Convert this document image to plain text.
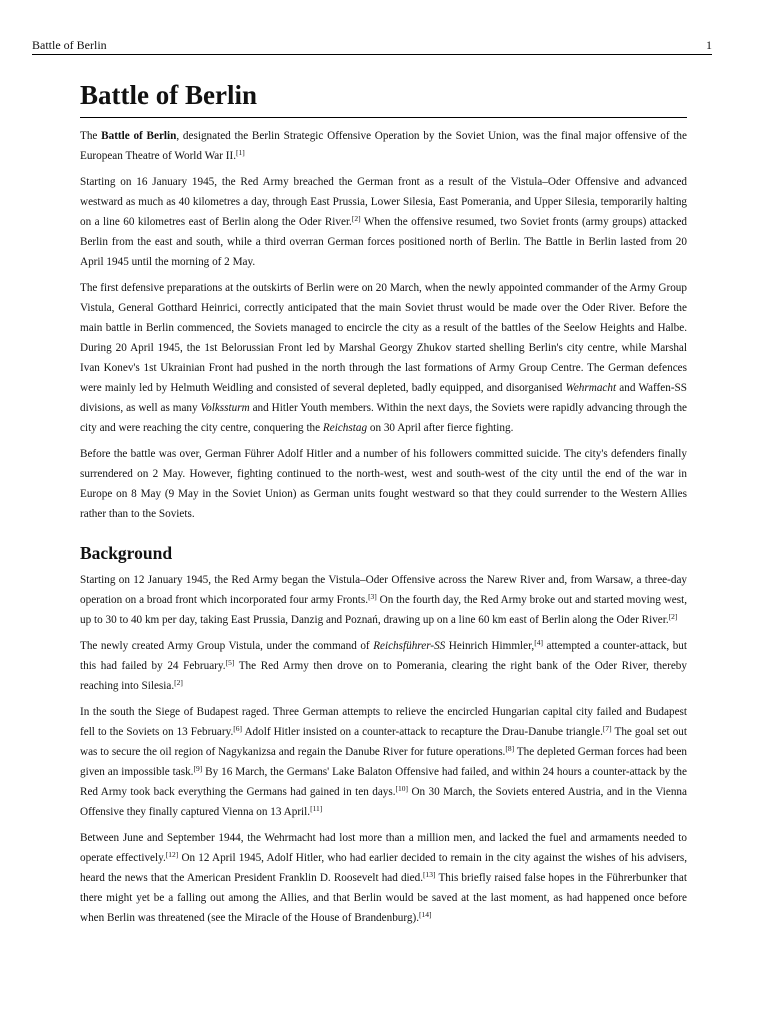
Battle of Berlin	1
Battle of Berlin

The Battle of Berlin, designated the Berlin Strategic Offensive Operation by the Soviet Union, was the final major offensive of the European Theatre of World War II.[1]

Starting on 16 January 1945, the Red Army breached the German front as a result of the Vistula–Oder Offensive and advanced westward as much as 40 kilometres a day, through East Prussia, Lower Silesia, East Pomerania, and Upper Silesia, temporarily halting on a line 60 kilometres east of Berlin along the Oder River.[2] When the offensive resumed, two Soviet fronts (army groups) attacked Berlin from the east and south, while a third overran German forces positioned north of Berlin. The Battle in Berlin lasted from 20 April 1945 until the morning of 2 May.

The first defensive preparations at the outskirts of Berlin were on 20 March, when the newly appointed commander of the Army Group Vistula, General Gotthard Heinrici, correctly anticipated that the main Soviet thrust would be made over the Oder River. Before the main battle in Berlin commenced, the Soviets managed to encircle the city as a result of the battles of the Seelow Heights and Halbe. During 20 April 1945, the 1st Belorussian Front led by Marshal Georgy Zhukov started shelling Berlin's city centre, while Marshal Ivan Konev's 1st Ukrainian Front had pushed in the north through the last formations of Army Group Centre. The German defences were mainly led by Helmuth Weidling and consisted of several depleted, badly equipped, and disorganised Wehrmacht and Waffen-SS divisions, as well as many Volkssturm and Hitler Youth members. Within the next days, the Soviets were rapidly advancing through the city and were reaching the city centre, conquering the Reichstag on 30 April after fierce fighting.

Before the battle was over, German Führer Adolf Hitler and a number of his followers committed suicide. The city's defenders finally surrendered on 2 May. However, fighting continued to the north-west, west and south-west of the city until the end of the war in Europe on 8 May (9 May in the Soviet Union) as German units fought westward so that they could surrender to the Western Allies rather than to the Soviets.

Background

Starting on 12 January 1945, the Red Army began the Vistula–Oder Offensive across the Narew River and, from Warsaw, a three-day operation on a broad front which incorporated four army Fronts.[3] On the fourth day, the Red Army broke out and started moving west, up to 30 to 40 km per day, taking East Prussia, Danzig and Poznań, drawing up on a line 60 km east of Berlin along the Oder River.[2]

The newly created Army Group Vistula, under the command of Reichsführer-SS Heinrich Himmler,[4] attempted a counter-attack, but this had failed by 24 February.[5] The Red Army then drove on to Pomerania, clearing the right bank of the Oder River, thereby reaching into Silesia.[2]

In the south the Siege of Budapest raged. Three German attempts to relieve the encircled Hungarian capital city failed and Budapest fell to the Soviets on 13 February.[6] Adolf Hitler insisted on a counter-attack to recapture the Drau-Danube triangle.[7] The goal set out was to secure the oil region of Nagykanizsa and regain the Danube River for future operations.[8] The depleted German forces had been given an impossible task.[9] By 16 March, the Germans' Lake Balaton Offensive had failed, and within 24 hours a counter-attack by the Red Army took back everything the Germans had gained in ten days.[10] On 30 March, the Soviets entered Austria, and in the Vienna Offensive they finally captured Vienna on 13 April.[11]

Between June and September 1944, the Wehrmacht had lost more than a million men, and lacked the fuel and armaments needed to operate effectively.[12] On 12 April 1945, Adolf Hitler, who had earlier decided to remain in the city against the wishes of his advisers, heard the news that the American President Franklin D. Roosevelt had died.[13] This briefly raised false hopes in the Führerbunker that there might yet be a falling out among the Allies, and that Berlin would be saved at the last moment, as had happened once before when Berlin was threatened (see the Miracle of the House of Brandenburg).[14]
